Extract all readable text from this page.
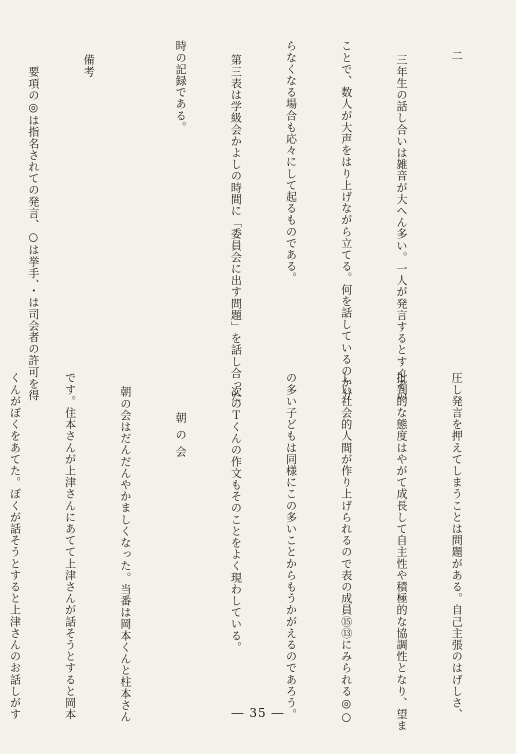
二

三年生の話し合いは雑音が大へん多い。一人が発言するとすぐその

ことで、数人が大声をはり上げながら立てる。何を話しているのか分

らなくなる場合も応々にして起るものである。

第三表は学級会かよしの時間に「委員会に出す問題」を話し合った

時の記録である。

備考

要項の◎は指名されての発言、○は挙手、・は司会者の許可を得

圧し発言を押えてしまうことは問題がある。自己主張のはげしさ、

批判的な態度はやがて成長して自主性や積極的な協調性となり、望ま

しい社会的人間が作り上げられるので表の成員⑮⑬にみられる◎○

の多い子どもは同様にこの多いことからもうかがえるのであろう。

次のＴくんの作文もそのことをよく現わしている。

朝の会

朝の会はだんだんやかましくなった。当番は岡本くんと柱本さん

です。住本さんが上津さんにあてて上津さんが話そうとすると岡本

くんがぼくをあてた。ぼくが話そうとすると上津さんのお話しがす

	― 35 ―
